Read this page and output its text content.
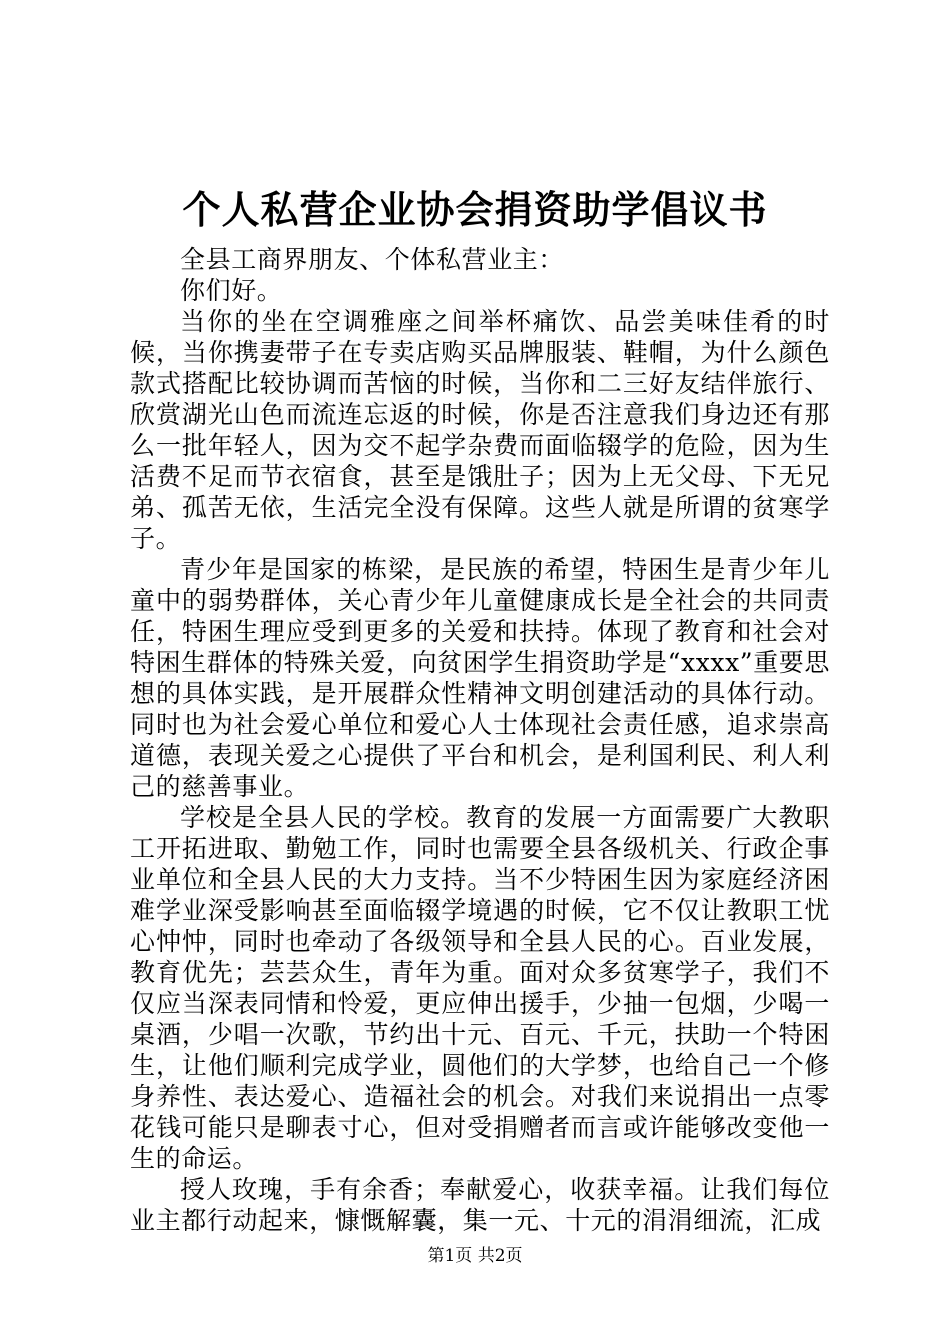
个人私营企业协会捐资助学倡议书

全县工商界朋友、个体私营业主：

你们好。

当你的坐在空调雅座之间举杯痛饮、品尝美味佳肴的时候，当你携妻带子在专卖店购买品牌服装、鞋帽，为什么颜色款式搭配比较协调而苦恼的时候，当你和二三好友结伴旅行、欣赏湖光山色而流连忘返的时候，你是否注意我们身边还有那么一批年轻人，因为交不起学杂费而面临辍学的危险，因为生活费不足而节衣宿食，甚至是饿肚子；因为上无父母、下无兄弟、孤苦无依，生活完全没有保障。这些人就是所谓的贫寒学子。

青少年是国家的栋梁，是民族的希望，特困生是青少年儿童中的弱势群体，关心青少年儿童健康成长是全社会的共同责任，特困生理应受到更多的关爱和扶持。体现了教育和社会对特困生群体的特殊关爱，向贫困学生捐资助学是“xxxx”重要思想的具体实践，是开展群众性精神文明创建活动的具体行动。同时也为社会爱心单位和爱心人士体现社会责任感，追求崇高道德，表现关爱之心提供了平台和机会，是利国利民、利人利己的慈善事业。

学校是全县人民的学校。教育的发展一方面需要广大教职工开拓进取、勤勉工作，同时也需要全县各级机关、行政企事业单位和全县人民的大力支持。当不少特困生因为家庭经济困难学业深受影响甚至面临辍学境遇的时候，它不仅让教职工忧心忡忡，同时也牵动了各级领导和全县人民的心。百业发展，教育优先；芸芸众生，青年为重。面对众多贫寒学子，我们不仅应当深表同情和怜爱，更应伸出援手，少抽一包烟，少喝一桌酒，少唱一次歌，节约出十元、百元、千元，扶助一个特困生，让他们顺利完成学业，圆他们的大学梦，也给自己一个修身养性、表达爱心、造福社会的机会。对我们来说捐出一点零花钱可能只是聊表寸心，但对受捐赠者而言或许能够改变他一生的命运。

授人玫瑰，手有余香；奉献爱心，收获幸福。让我们每位业主都行动起来，慷慨解囊，集一元、十元的涓涓细流，汇成

第1页 共2页
